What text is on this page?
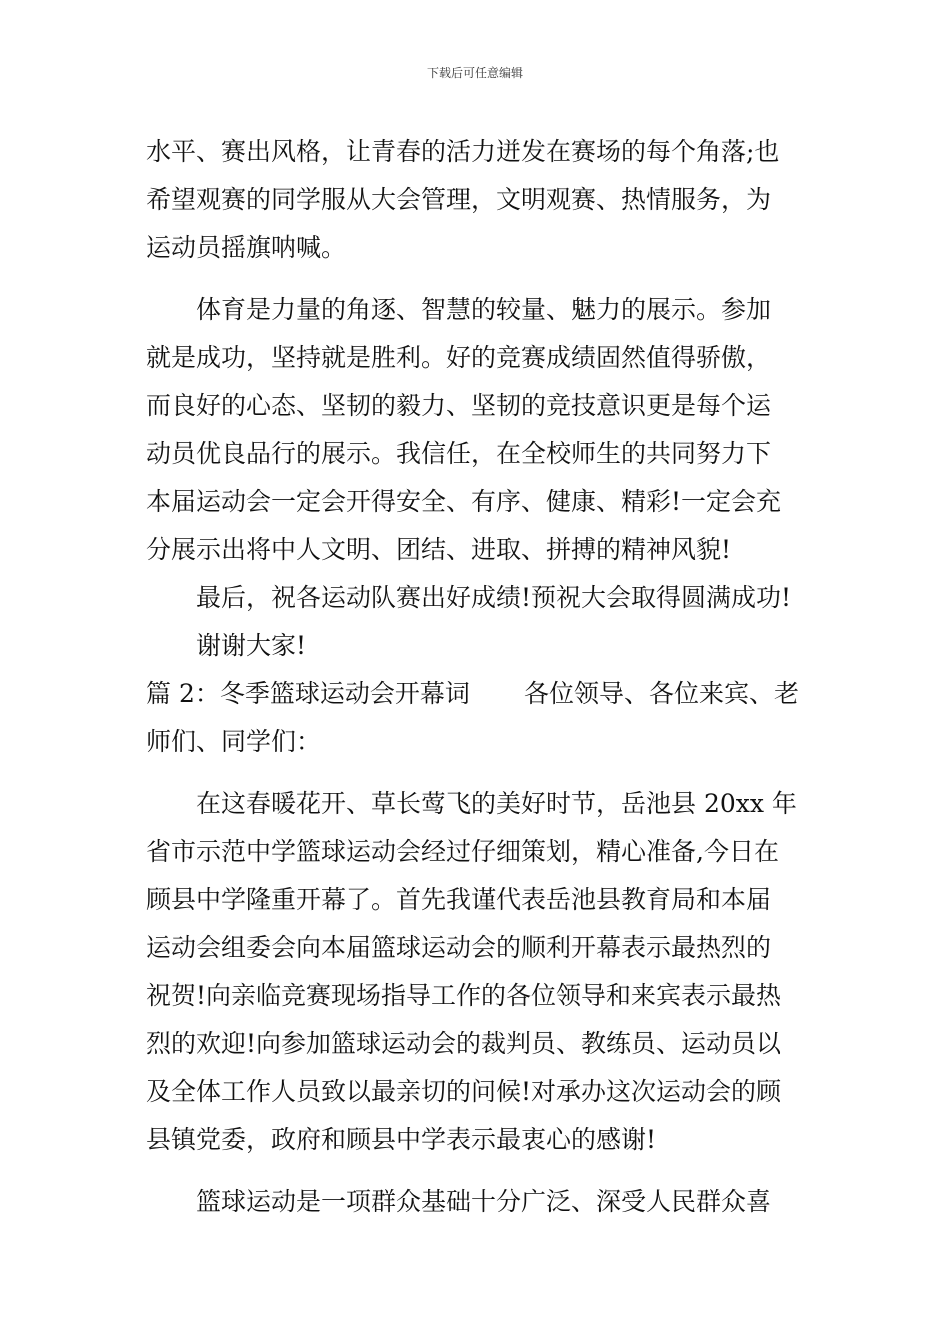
下载后可任意编辑
水平、赛出风格，让青春的活力迸发在赛场的每个角落;也
希望观赛的同学服从大会管理，文明观赛、热情服务，为
运动员摇旗呐喊。
　　体育是力量的角逐、智慧的较量、魅力的展示。参加
就是成功，坚持就是胜利。好的竞赛成绩固然值得骄傲，
而良好的心态、坚韧的毅力、坚韧的竞技意识更是每个运
动员优良品行的展示。我信任，在全校师生的共同努力下
本届运动会一定会开得安全、有序、健康、精彩!一定会充
分展示出将中人文明、团结、进取、拼搏的精神风貌!
　　最后，祝各运动队赛出好成绩!预祝大会取得圆满成功!
　　谢谢大家!
篇 2：冬季篮球运动会开幕词	各位领导、各位来宾、老
师们、同学们：
　　在这春暖花开、草长莺飞的美好时节，岳池县 20xx 年
省市示范中学篮球运动会经过仔细策划，精心准备,今日在
顾县中学隆重开幕了。首先我谨代表岳池县教育局和本届
运动会组委会向本届篮球运动会的顺利开幕表示最热烈的
祝贺!向亲临竞赛现场指导工作的各位领导和来宾表示最热
烈的欢迎!向参加篮球运动会的裁判员、教练员、运动员以
及全体工作人员致以最亲切的问候!对承办这次运动会的顾
县镇党委，政府和顾县中学表示最衷心的感谢!
　　篮球运动是一项群众基础十分广泛、深受人民群众喜
